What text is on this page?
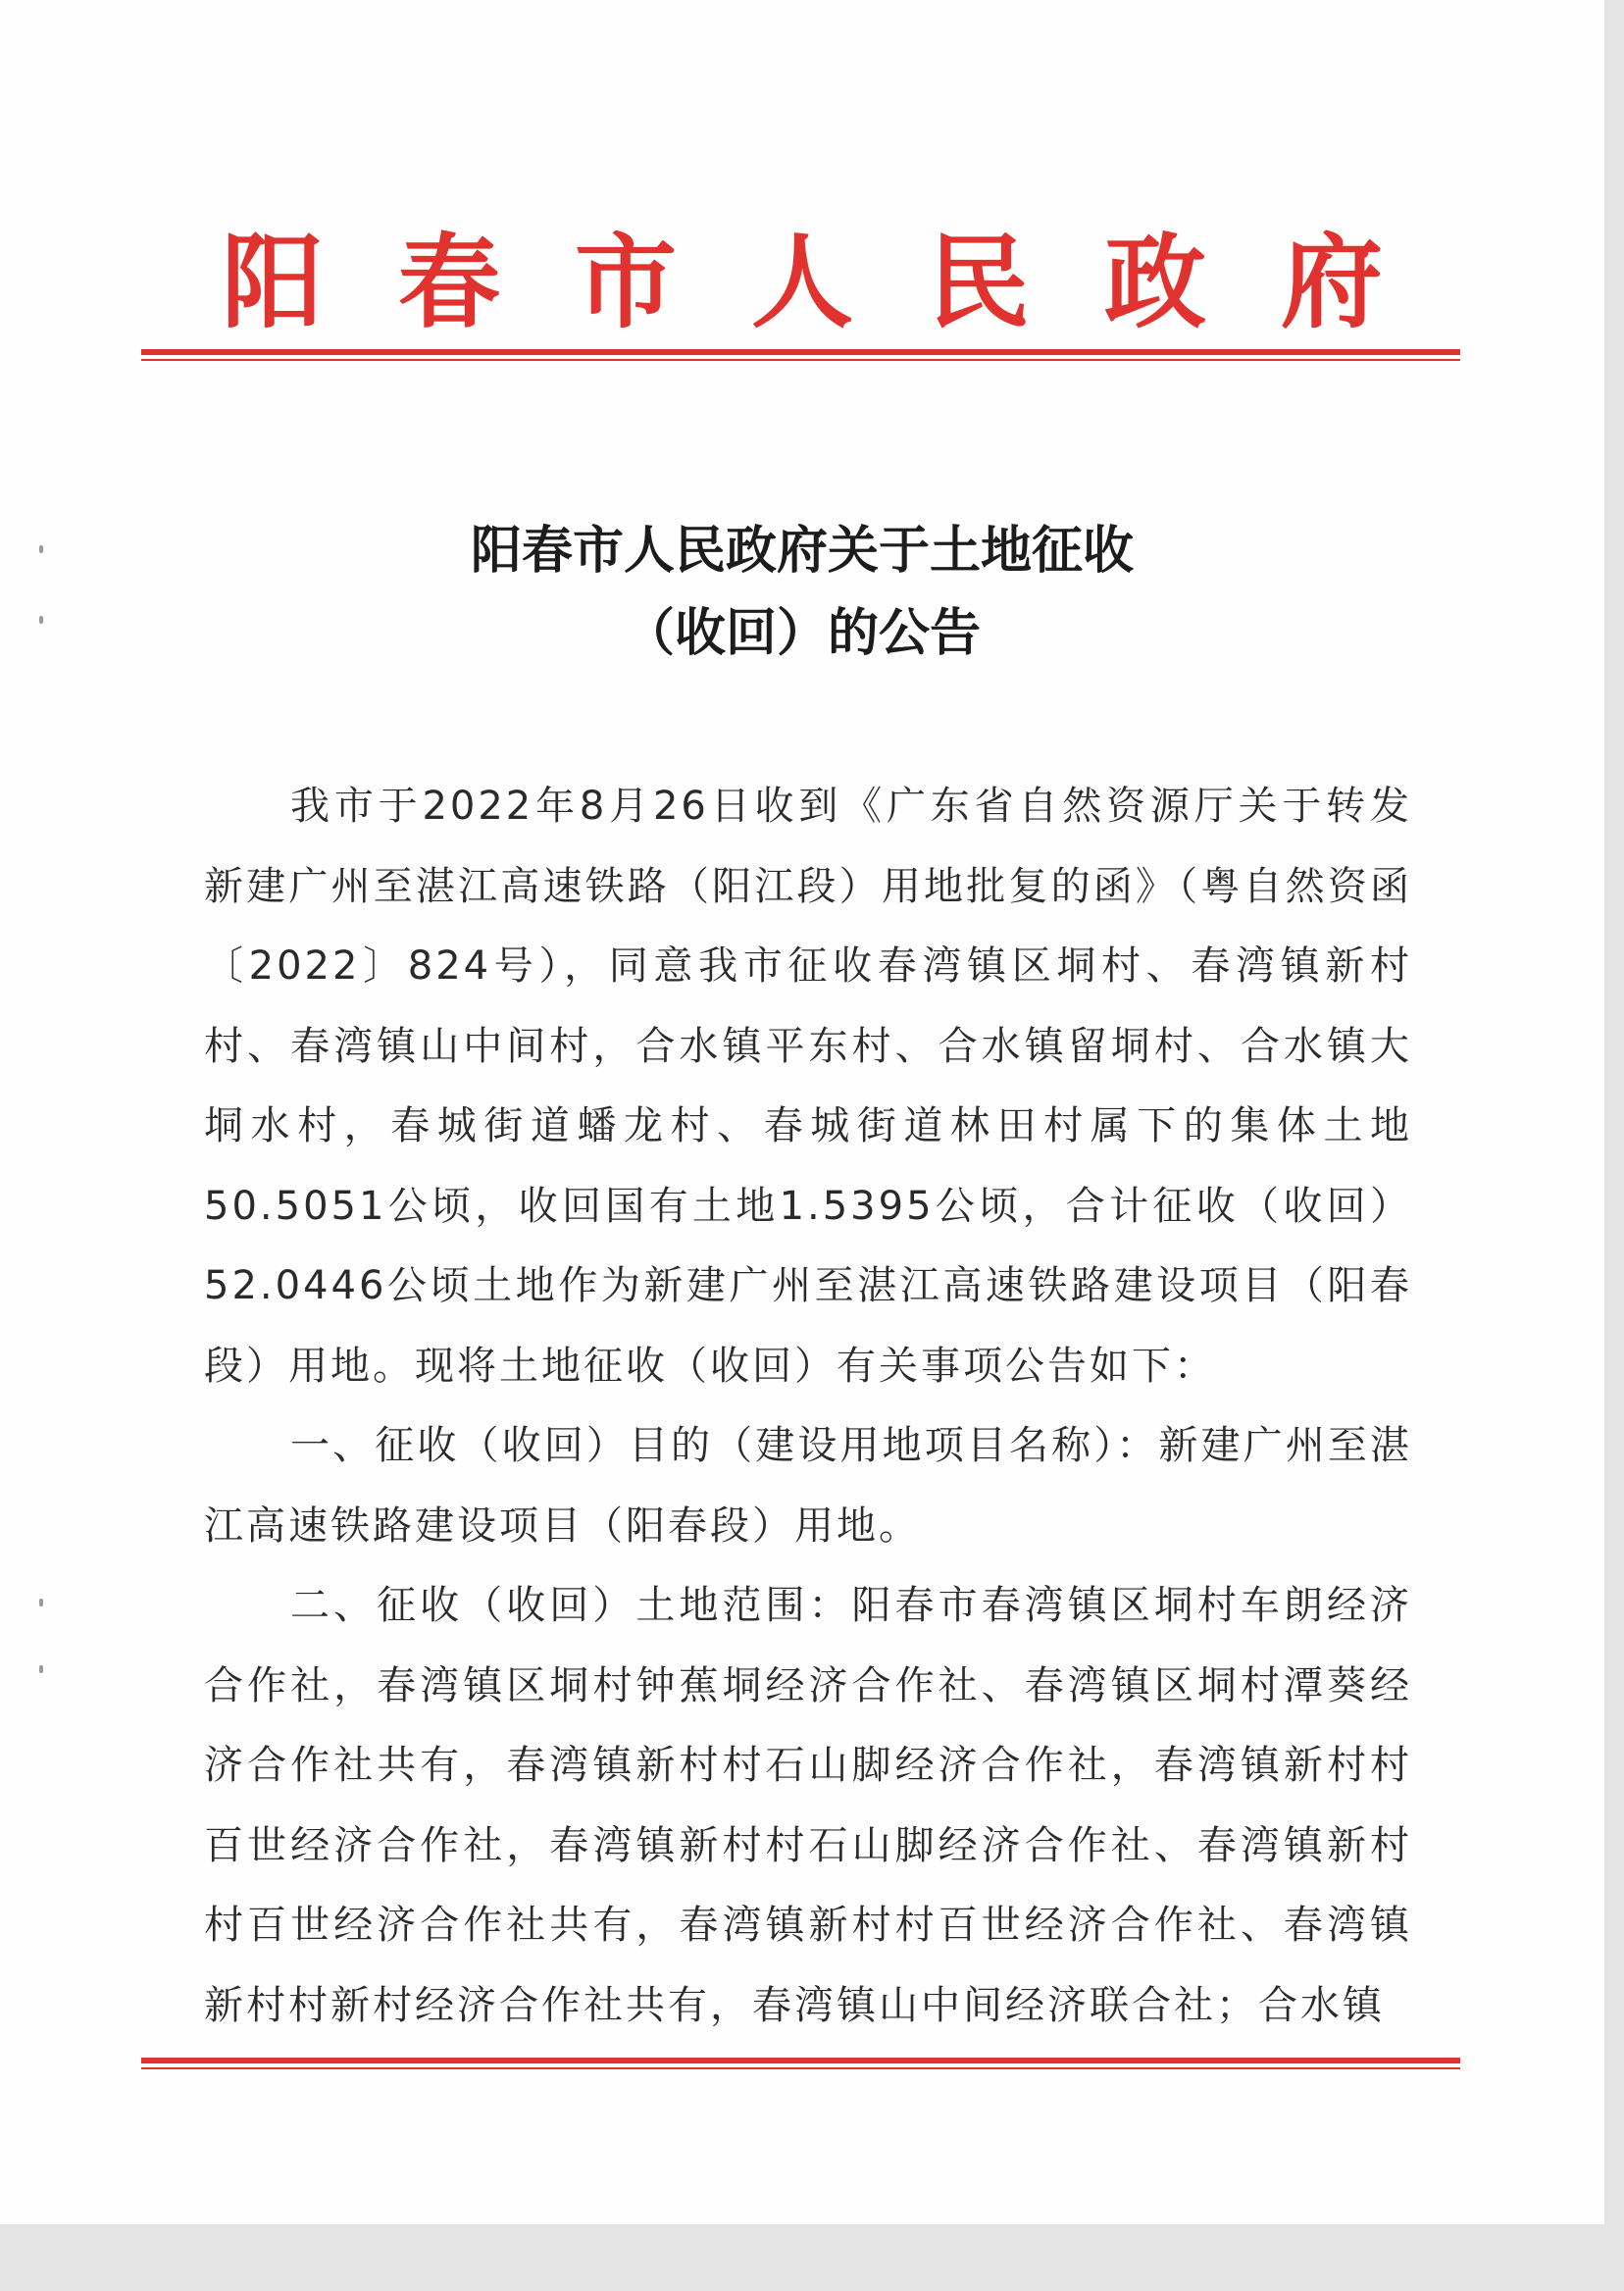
阳春市人民政府
阳春市人民政府关于土地征收
（收回）的公告

我市于2022年8月26日收到《广东省自然资源厅关于转发新建广州至湛江高速铁路（阳江段）用地批复的函》（粤自然资函〔2022〕824号），同意我市征收春湾镇区垌村、春湾镇新村村、春湾镇山中间村，合水镇平东村、合水镇留垌村、合水镇大垌水村，春城街道蟠龙村、春城街道林田村属下的集体土地 50.5051公顷，收回国有土地1.5395公顷，合计征收（收回）52.0446公顷土地作为新建广州至湛江高速铁路建设项目（阳春段）用地。现将土地征收（收回）有关事项公告如下：

一、征收（收回）目的（建设用地项目名称）：新建广州至湛江高速铁路建设项目（阳春段）用地。

二、征收（收回）土地范围：阳春市春湾镇区垌村车朗经济合作社，春湾镇区垌村钟蕉垌经济合作社、春湾镇区垌村潭葵经济合作社共有，春湾镇新村村石山脚经济合作社，春湾镇新村村百世经济合作社，春湾镇新村村石山脚经济合作社、春湾镇新村村百世经济合作社共有，春湾镇新村村百世经济合作社、春湾镇新村村新村经济合作社共有，春湾镇山中间经济联合社；合水镇
